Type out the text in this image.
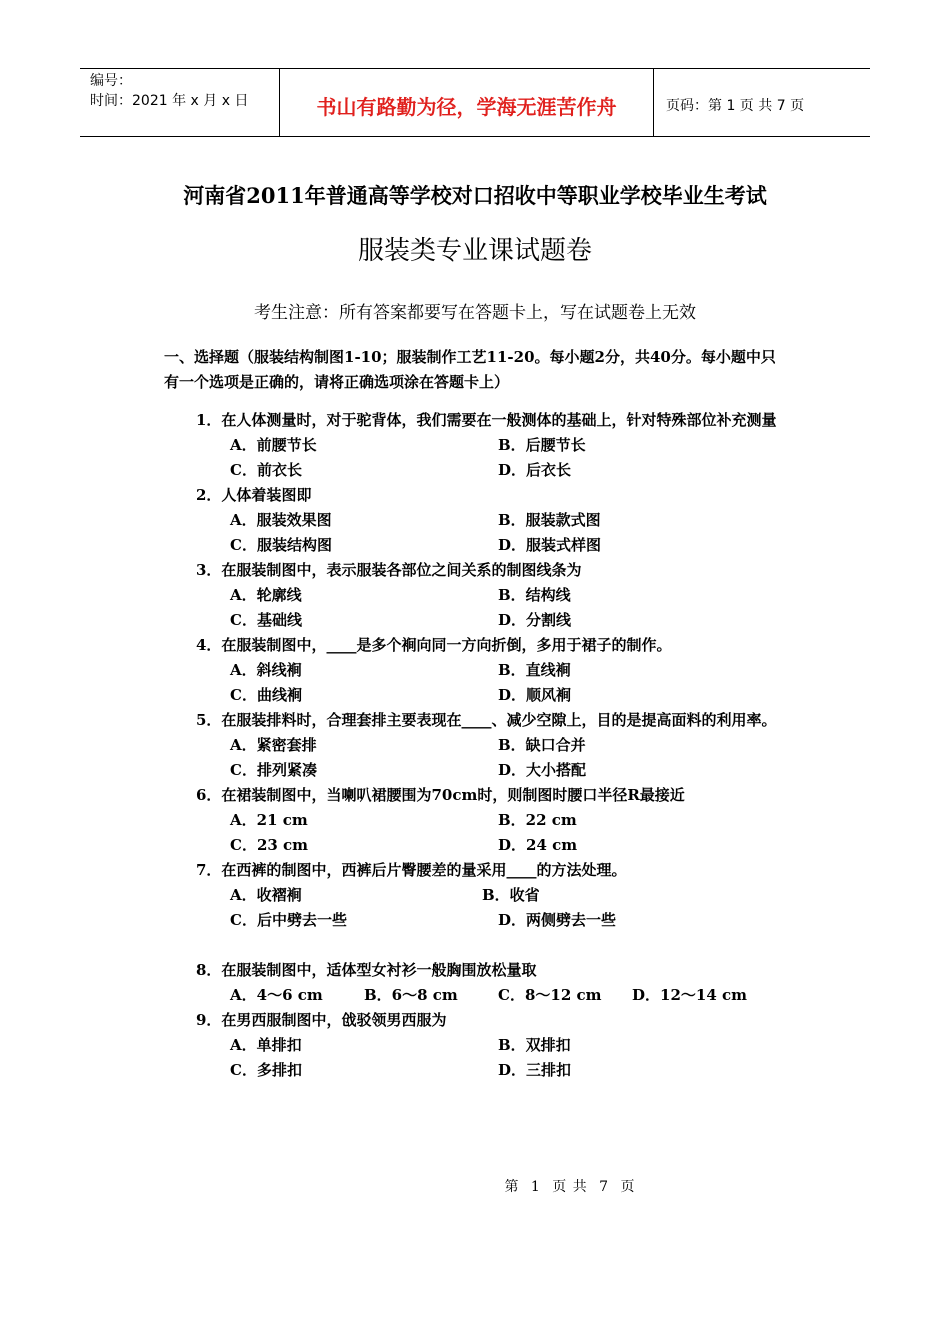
编号：
时间：2021 年 x 月 x 日	书山有路勤为径，学海无涯苦作舟	页码：第 1 页 共 7 页
河南省2011年普通高等学校对口招收中等职业学校毕业生考试
服装类专业课试题卷
考生注意：所有答案都要写在答题卡上，写在试题卷上无效
一、选择题（服装结构制图1-10；服装制作工艺11-20。每小题2分，共40分。每小题中只有一个选项是正确的，请将正确选项涂在答题卡上）
1．在人体测量时，对于驼背体，我们需要在一般测体的基础上，针对特殊部位补充测量
A．前腰节长	B．后腰节长
C．前衣长	D．后衣长
2．人体着装图即
A．服装效果图	B．服装款式图
C．服装结构图	D．服装式样图
3．在服装制图中，表示服装各部位之间关系的制图线条为
A．轮廓线	B．结构线
C．基础线	D．分割线
4．在服装制图中，____是多个裥向同一方向折倒，多用于裙子的制作。
A．斜线裥	B．直线裥
C．曲线裥	D．顺风裥
5．在服装排料时，合理套排主要表现在____、减少空隙上，目的是提高面料的利用率。
A．紧密套排	B．缺口合并
C．排列紧凑	D．大小搭配
6．在裙装制图中，当喇叭裙腰围为70cm时，则制图时腰口半径R最接近
A．21 cm	B．22 cm
C．23 cm	D．24 cm
7．在西裤的制图中，西裤后片臀腰差的量采用____的方法处理。
A．收褶裥	B．收省
C．后中劈去一些	D．两侧劈去一些
8．在服装制图中，适体型女衬衫一般胸围放松量取
A．4～6 cm	B．6～8 cm	C．8～12 cm D．12～14 cm
9．在男西服制图中，戗驳领男西服为
A．单排扣	B．双排扣
C．多排扣	D．三排扣
第 1 页 共 7 页
